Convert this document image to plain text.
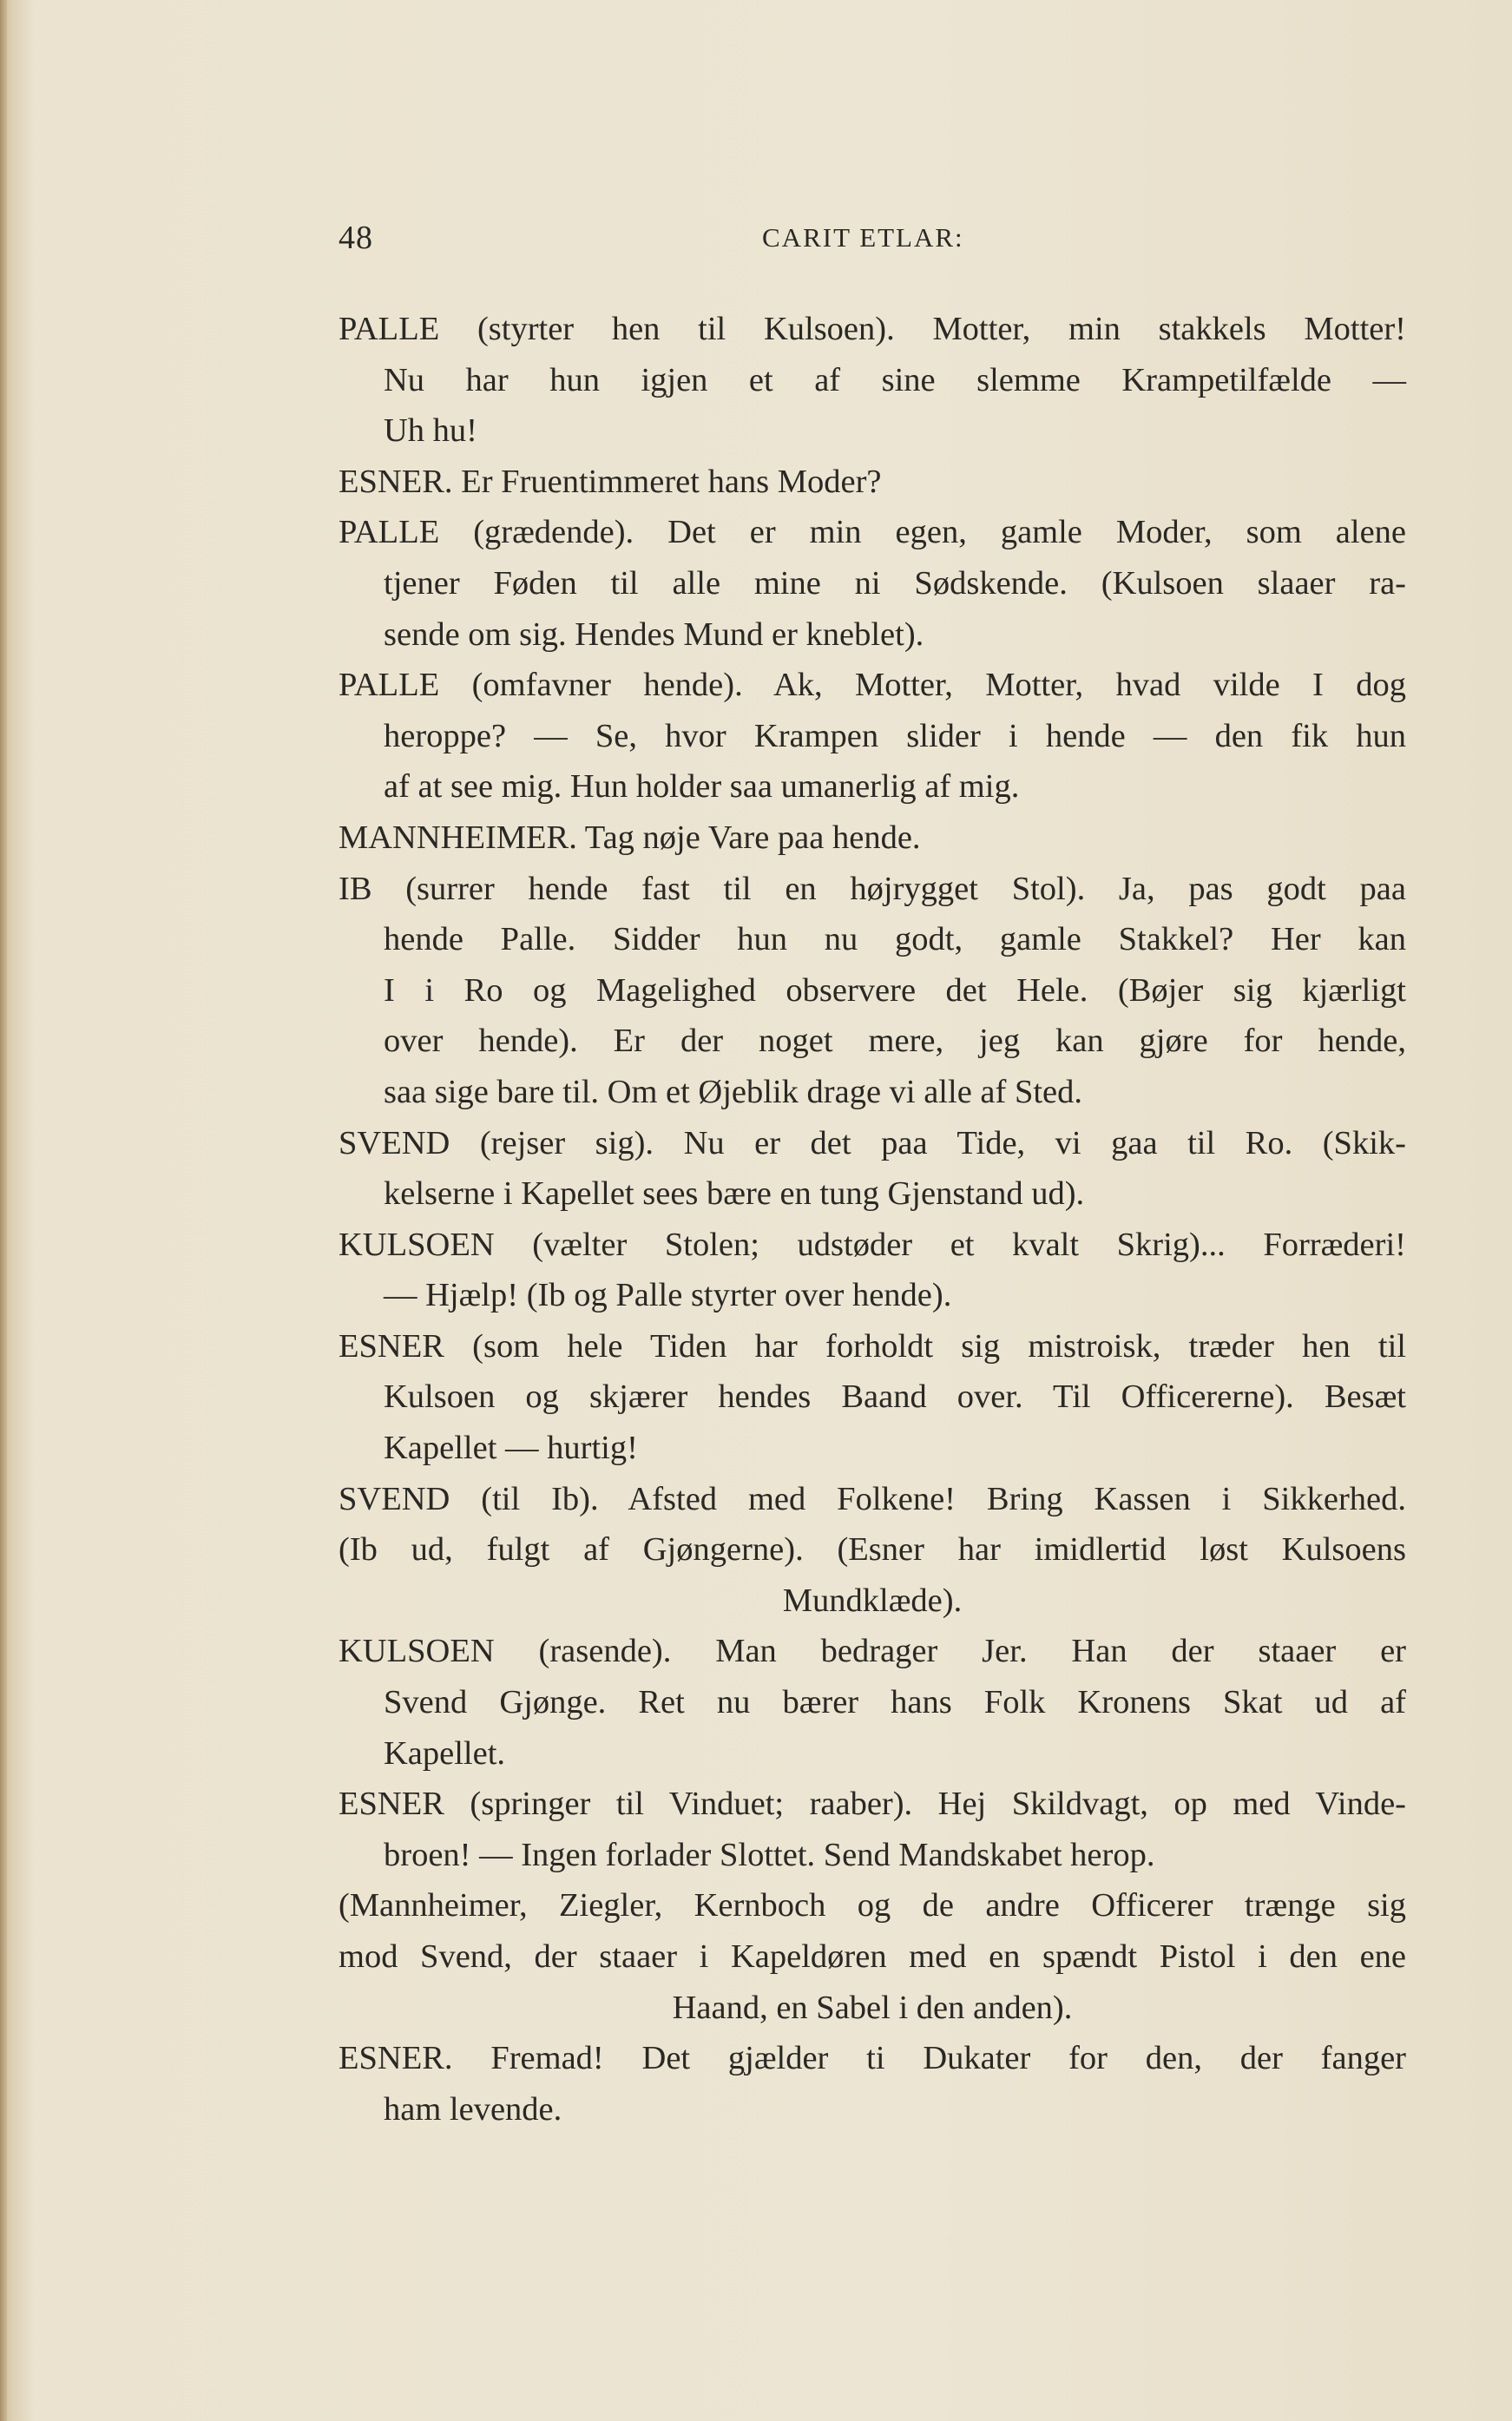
48	CARIT ETLAR:
PALLE (styrter hen til Kulsoen). Motter, min stakkels Motter!
Nu har hun igjen et af sine slemme Krampetilfælde —
Uh hu!
ESNER. Er Fruentimmeret hans Moder?
PALLE (grædende). Det er min egen, gamle Moder, som alene
tjener Føden til alle mine ni Sødskende. (Kulsoen slaaer ra-
sende om sig. Hendes Mund er kneblet).
PALLE (omfavner hende). Ak, Motter, Motter, hvad vilde I dog
heroppe? — Se, hvor Krampen slider i hende — den fik hun
af at see mig. Hun holder saa umanerlig af mig.
MANNHEIMER. Tag nøje Vare paa hende.
IB (surrer hende fast til en højrygget Stol). Ja, pas godt paa
hende Palle. Sidder hun nu godt, gamle Stakkel? Her kan
I i Ro og Magelighed observere det Hele. (Bøjer sig kjærligt
over hende). Er der noget mere, jeg kan gjøre for hende,
saa sige bare til. Om et Øjeblik drage vi alle af Sted.
SVEND (rejser sig). Nu er det paa Tide, vi gaa til Ro. (Skik-
kelserne i Kapellet sees bære en tung Gjenstand ud).
KULSOEN (vælter Stolen; udstøder et kvalt Skrig)... Forræderi!
— Hjælp! (Ib og Palle styrter over hende).
ESNER (som hele Tiden har forholdt sig mistroisk, træder hen til
Kulsoen og skjærer hendes Baand over. Til Officererne). Besæt
Kapellet — hurtig!
SVEND (til Ib). Afsted med Folkene! Bring Kassen i Sikkerhed.
(Ib ud, fulgt af Gjøngerne). (Esner har imidlertid løst Kulsoens
Mundklæde).
KULSOEN (rasende). Man bedrager Jer. Han der staaer er
Svend Gjønge. Ret nu bærer hans Folk Kronens Skat ud af
Kapellet.
ESNER (springer til Vinduet; raaber). Hej Skildvagt, op med Vinde-
broen! — Ingen forlader Slottet. Send Mandskabet herop.
(Mannheimer, Ziegler, Kernboch og de andre Officerer trænge sig
mod Svend, der staaer i Kapeldøren med en spændt Pistol i den ene
Haand, en Sabel i den anden).
ESNER. Fremad! Det gjælder ti Dukater for den, der fanger
ham levende.
